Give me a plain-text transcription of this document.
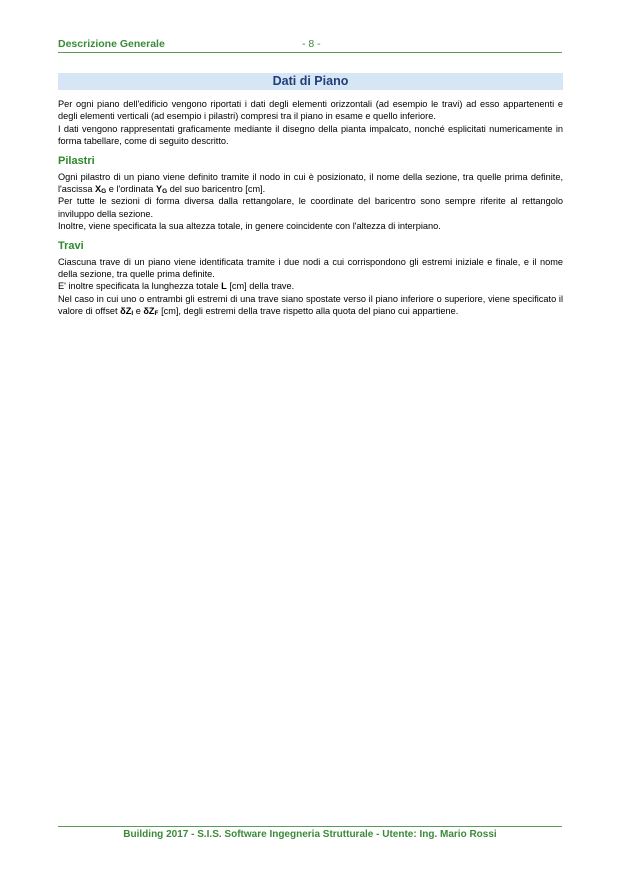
Descrizione Generale	- 8 -
Dati di Piano

Per ogni piano dell'edificio vengono riportati i dati degli elementi orizzontali (ad esempio le travi) ad esso appartenenti e degli elementi verticali (ad esempio i pilastri) compresi tra il piano in esame e quello inferiore.

I dati vengono rappresentati graficamente mediante il disegno della pianta impalcato, nonché esplicitati numericamente in forma tabellare, come di seguito descritto.

Pilastri

Ogni pilastro di un piano viene definito tramite il nodo in cui è posizionato, il nome della sezione, tra quelle prima definite, l'ascissa $X_G$ e l'ordinata $Y_G$ del suo baricentro [cm].

Per tutte le sezioni di forma diversa dalla rettangolare, le coordinate del baricentro sono sempre riferite al rettangolo inviluppo della sezione.

Inoltre, viene specificata la sua altezza totale, in genere coincidente con l'altezza di interpiano.

Travi

Ciascuna trave di un piano viene identificata tramite i due nodi a cui corrispondono gli estremi iniziale e finale, e il nome della sezione, tra quelle prima definite.

E' inoltre specificata la lunghezza totale L [cm] della trave.

Nel caso in cui uno o entrambi gli estremi di una trave siano spostate verso il piano inferiore o superiore, viene specificato il valore di offset $\delta Z_I$ e $\delta Z_F$ [cm], degli estremi della trave rispetto alla quota del piano cui appartiene.

Building 2017 - S.I.S. Software Ingegneria Strutturale - Utente: Ing. Mario Rossi
